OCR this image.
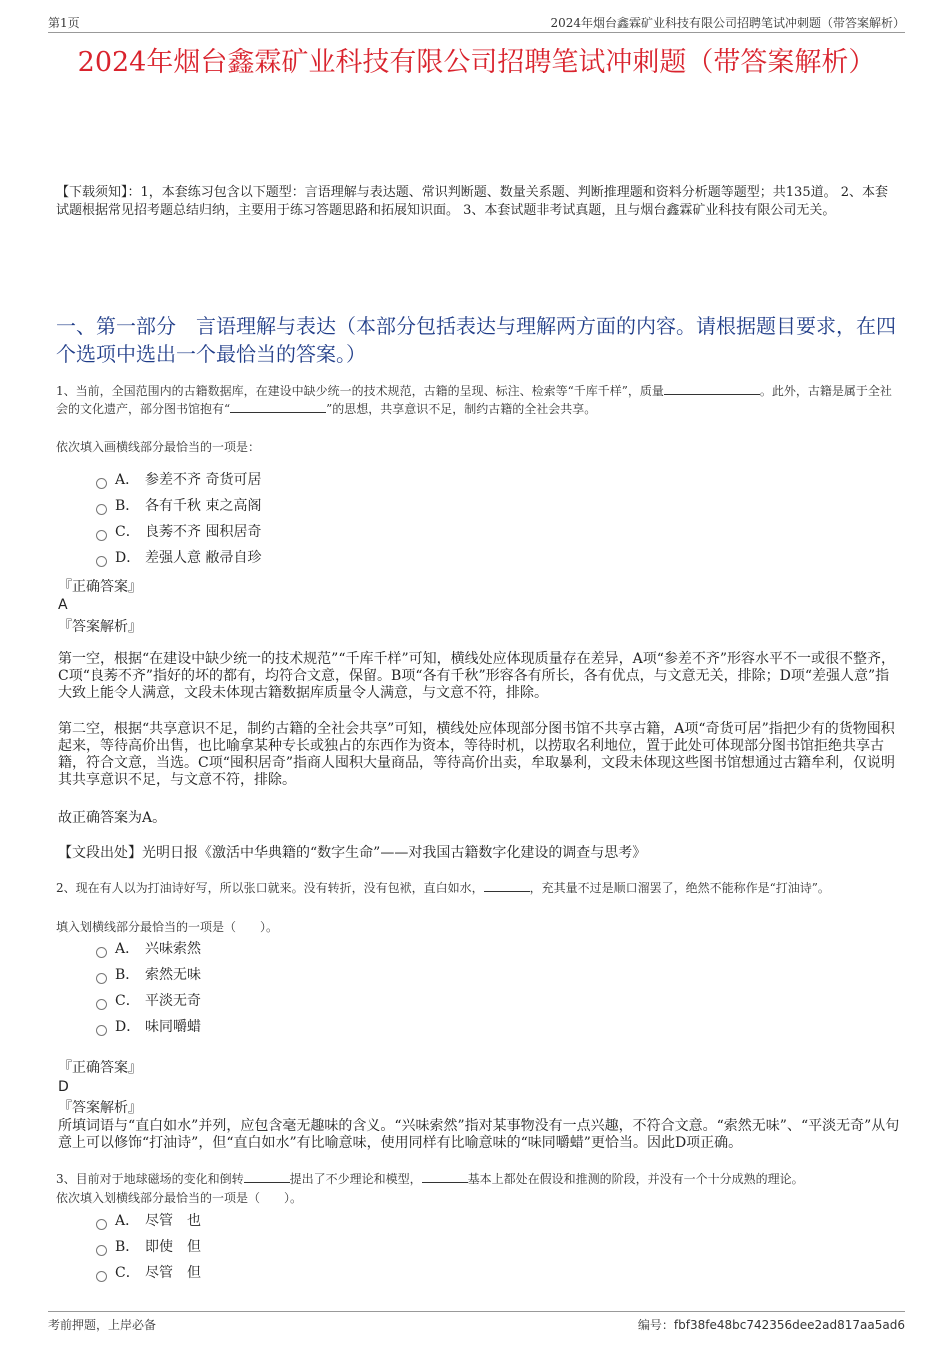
第1页	2024年烟台鑫霖矿业科技有限公司招聘笔试冲刺题（带答案解析）
2024年烟台鑫霖矿业科技有限公司招聘笔试冲刺题（带答案解析）
【下载须知】：1，本套练习包含以下题型：言语理解与表达题、常识判断题、数量关系题、判断推理题和资料分析题等题型；共135道。 2、本套试题根据常见招考题总结归纳，主要用于练习答题思路和拓展知识面。 3、本套试题非考试真题，且与烟台鑫霖矿业科技有限公司无关。
一、第一部分　言语理解与表达（本部分包括表达与理解两方面的内容。请根据题目要求，在四个选项中选出一个最恰当的答案。）
1、当前，全国范围内的古籍数据库，在建设中缺少统一的技术规范，古籍的呈现、标注、检索等“千库千样”，质量	。此外，古籍是属于全社会的文化遗产，部分图书馆抱有“	”的思想，共享意识不足，制约古籍的全社会共享。
依次填入画横线部分最恰当的一项是：
A． 参差不齐 奇货可居
B． 各有千秋 束之高阁
C． 良莠不齐 囤积居奇
D． 差强人意 敝帚自珍
『正确答案』
A
『答案解析』
第一空，根据“在建设中缺少统一的技术规范”“千库千样”可知，横线处应体现质量存在差异，A项“参差不齐”形容水平不一或很不整齐，C项“良莠不齐”指好的坏的都有，均符合文意，保留。B项“各有千秋”形容各有所长，各有优点，与文意无关，排除；D项“差强人意”指大致上能令人满意，文段未体现古籍数据库质量令人满意，与文意不符，排除。
第二空，根据“共享意识不足，制约古籍的全社会共享”可知，横线处应体现部分图书馆不共享古籍，A项“奇货可居”指把少有的货物囤积起来，等待高价出售，也比喻拿某种专长或独占的东西作为资本，等待时机，以捞取名利地位，置于此处可体现部分图书馆拒绝共享古籍，符合文意，当选。C项“囤积居奇”指商人囤积大量商品，等待高价出卖，牟取暴利，文段未体现这些图书馆想通过古籍牟利，仅说明其共享意识不足，与文意不符，排除。
故正确答案为A。
【文段出处】光明日报《激活中华典籍的“数字生命”——对我国古籍数字化建设的调查与思考》
2、现在有人以为打油诗好写，所以张口就来。没有转折，没有包袱，直白如水，	，充其量不过是顺口溜罢了，绝然不能称作是“打油诗”。
填入划横线部分最恰当的一项是（　　）。
A． 兴味索然
B． 索然无味
C． 平淡无奇
D． 味同嚼蜡
『正确答案』
D
『答案解析』
所填词语与“直白如水”并列，应包含毫无趣味的含义。“兴味索然”指对某事物没有一点兴趣，不符合文意。“索然无味”、“平淡无奇”从句意上可以修饰“打油诗”，但“直白如水”有比喻意味，使用同样有比喻意味的“味同嚼蜡”更恰当。因此D项正确。
3、目前对于地球磁场的变化和倒转	提出了不少理论和模型，	基本上都处在假设和推测的阶段，并没有一个十分成熟的理论。
依次填入划横线部分最恰当的一项是（　　）。
A． 尽管　也
B． 即使　但
C． 尽管　但
考前押题，上岸必备	编号：fbf38fe48bc742356dee2ad817aa5ad6
